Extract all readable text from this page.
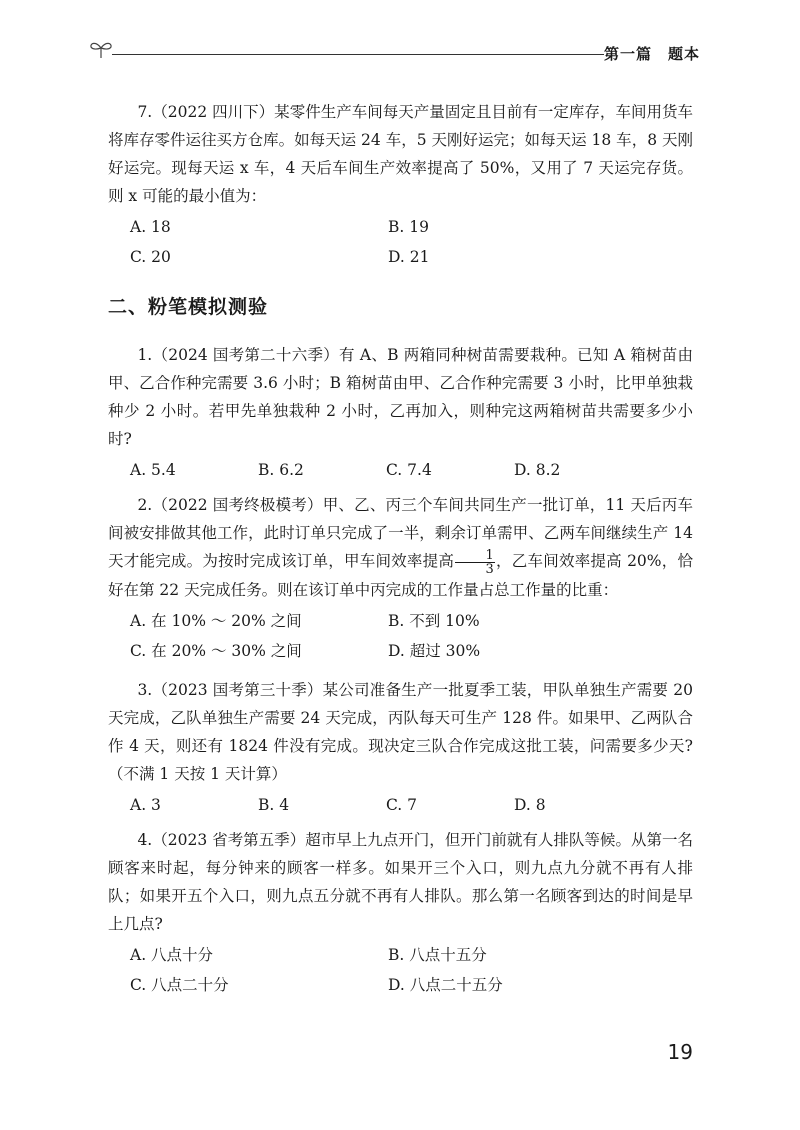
第一篇　题本

7.（2022 四川下）某零件生产车间每天产量固定且目前有一定库存，车间用货车将库存零件运往买方仓库。如每天运 24 车，5 天刚好运完；如每天运 18 车，8 天刚好运完。现每天运 x 车，4 天后车间生产效率提高了 50%，又用了 7 天运完存货。则 x 可能的最小值为：

A. 18	B. 19
C. 20	D. 21
二、粉笔模拟测验

1.（2024 国考第二十六季）有 A、B 两箱同种树苗需要栽种。已知 A 箱树苗由甲、乙合作种完需要 3.6 小时；B 箱树苗由甲、乙合作种完需要 3 小时，比甲单独栽种少 2 小时。若甲先单独栽种 2 小时，乙再加入，则种完这两箱树苗共需要多少小时?

A. 5.4	B. 6.2	C. 7.4	D. 8.2

2.（2022 国考终极模考）甲、乙、丙三个车间共同生产一批订单，11 天后丙车间被安排做其他工作，此时订单只完成了一半，剩余订单需甲、乙两车间继续生产 14 天才能完成。为按时完成该订单，甲车间效率提高 $\frac{1}{3}$ ，乙车间效率提高 20%，恰好在第 22 天完成任务。则在该订单中丙完成的工作量占总工作量的比重：

A. 在 10% ～ 20% 之间	B. 不到 10%
C. 在 20% ～ 30% 之间	D. 超过 30%

3.（2023 国考第三十季）某公司准备生产一批夏季工装，甲队单独生产需要 20 天完成，乙队单独生产需要 24 天完成，丙队每天可生产 128 件。如果甲、乙两队合作 4 天，则还有 1824 件没有完成。现决定三队合作完成这批工装，问需要多少天?（不满 1 天按 1 天计算）

A. 3	B. 4	C. 7	D. 8

4.（2023 省考第五季）超市早上九点开门，但开门前就有人排队等候。从第一名顾客来时起，每分钟来的顾客一样多。如果开三个入口，则九点九分就不再有人排队；如果开五个入口，则九点五分就不再有人排队。那么第一名顾客到达的时间是早上几点?

A. 八点十分	B. 八点十五分
C. 八点二十分	D. 八点二十五分
19
